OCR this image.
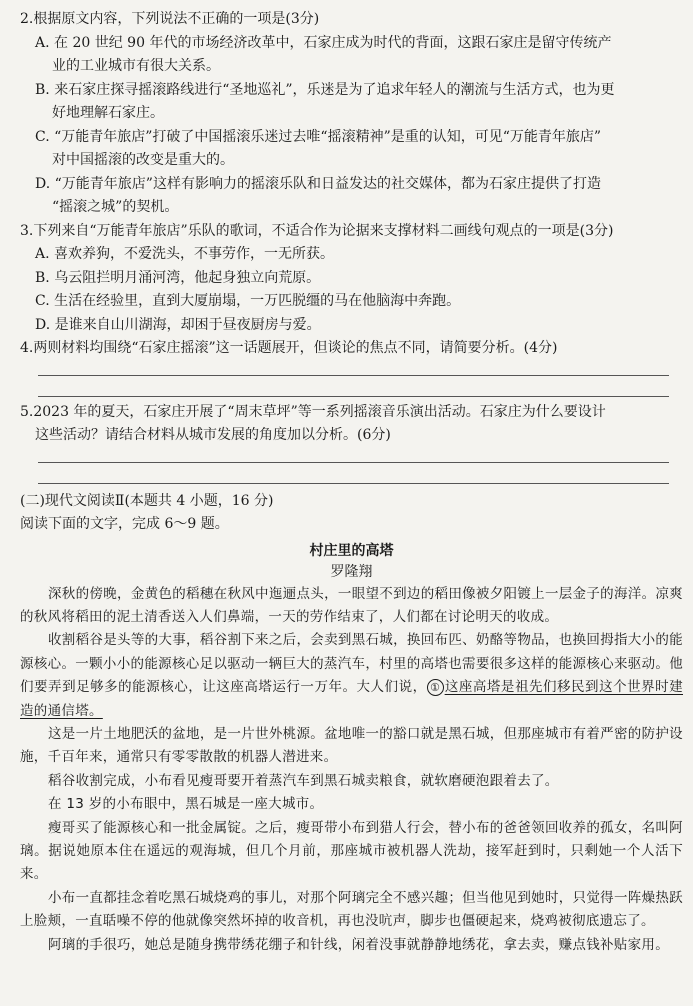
2.根据原文内容，下列说法不正确的一项是(3分)

A. 在 20 世纪 90 年代的市场经济改革中，石家庄成为时代的背面，这跟石家庄是留守传统产
业的工业城市有很大关系。

B. 来石家庄探寻摇滚路线进行“圣地巡礼”，乐迷是为了追求年轻人的潮流与生活方式，也为更
好地理解石家庄。

C. “万能青年旅店”打破了中国摇滚乐迷过去唯“摇滚精神”是重的认知，可见“万能青年旅店”
对中国摇滚的改变是重大的。

D. “万能青年旅店”这样有影响力的摇滚乐队和日益发达的社交媒体，都为石家庄提供了打造
“摇滚之城”的契机。

3.下列来自“万能青年旅店”乐队的歌词，不适合作为论据来支撑材料二画线句观点的一项是(3分)

A. 喜欢养狗，不爱洗头，不事劳作，一无所获。

B. 乌云阻拦明月涌河湾，他起身独立向荒原。

C. 生活在经验里，直到大厦崩塌，一万匹脱缰的马在他脑海中奔跑。

D. 是谁来自山川湖海，却困于昼夜厨房与爱。

4.两则材料均围绕“石家庄摇滚”这一话题展开，但谈论的焦点不同，请简要分析。(4分)

5.2023 年的夏天，石家庄开展了“周末草坪”等一系列摇滚音乐演出活动。石家庄为什么要设计

这些活动？请结合材料从城市发展的角度加以分析。(6分)

(二)现代文阅读Ⅱ(本题共 4 小题，16 分)

阅读下面的文字，完成 6～9 题。

村庄里的高塔

罗隆翔

深秋的傍晚，金黄色的稻穗在秋风中迤逦点头，一眼望不到边的稻田像被夕阳镀上一层金子的海洋。凉爽的秋风将稻田的泥土清香送入人们鼻端，一天的劳作结束了，人们都在讨论明天的收成。

收割稻谷是头等的大事，稻谷割下来之后，会卖到黑石城，换回布匹、奶酪等物品，也换回拇指大小的能源核心。一颗小小的能源核心足以驱动一辆巨大的蒸汽车，村里的高塔也需要很多这样的能源核心来驱动。他们要弄到足够多的能源核心，让这座高塔运行一万年。大人们说， ① 这座高塔是祖先们移民到这个世界时建造的通信塔。

这是一片土地肥沃的盆地，是一片世外桃源。盆地唯一的豁口就是黑石城，但那座城市有着严密的防护设施，千百年来，通常只有零零散散的机器人潜进来。

稻谷收割完成，小布看见瘦哥要开着蒸汽车到黑石城卖粮食，就软磨硬泡跟着去了。

在 13 岁的小布眼中，黑石城是一座大城市。

瘦哥买了能源核心和一批金属锭。之后，瘦哥带小布到猎人行会，替小布的爸爸领回收养的孤女，名叫阿璃。据说她原本住在遥远的观海城，但几个月前，那座城市被机器人洗劫，接军赶到时，只剩她一个人活下来。

小布一直都挂念着吃黑石城烧鸡的事儿，对那个阿璃完全不感兴趣；但当他见到她时，只觉得一阵燥热跃上脸颊，一直聒噪不停的他就像突然坏掉的收音机，再也没吭声，脚步也僵硬起来，烧鸡被彻底遗忘了。

阿璃的手很巧，她总是随身携带绣花绷子和针线，闲着没事就静静地绣花，拿去卖，赚点钱补贴家用。
